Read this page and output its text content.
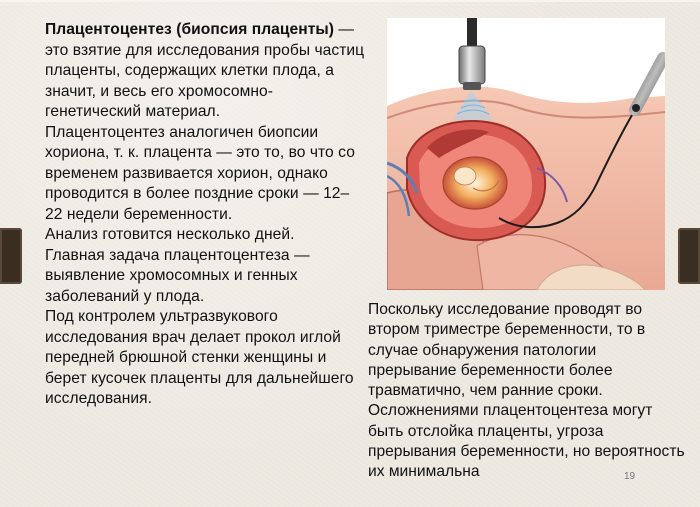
Плацентоцентез (биопсия плаценты) — это взятие для исследования пробы частиц плаценты, содержащих клетки плода, а значит, и весь его хромосомно-генетический материал.

Плацентоцентез аналогичен биопсии хориона, т. к. плацента — это то, во что со временем развивается хорион, однако проводится в более поздние сроки — 12–22 недели беременности.

Анализ готовится несколько дней.

Главная задача плацентоцентеза — выявление хромосомных и генных заболеваний у плода.

Под контролем ультразвукового исследования врач делает прокол иглой передней брюшной стенки женщины и берет кусочек плаценты для дальнейшего исследования.

Поскольку исследование проводят во втором триместре беременности, то в случае обнаружения патологии прерывание беременности более травматично, чем ранние сроки.

Осложнениями плацентоцентеза могут быть отслойка плаценты, угроза прерывания беременности, но вероятность их минимальна	19
